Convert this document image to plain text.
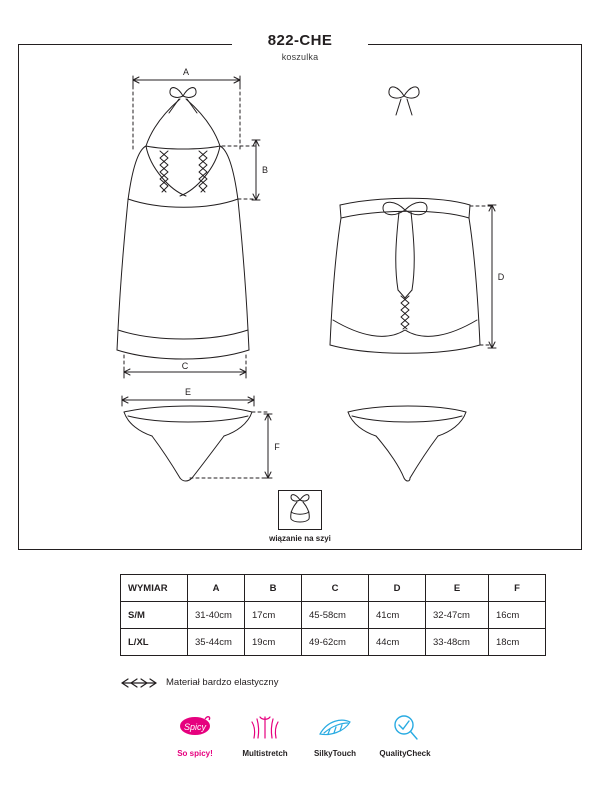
822-CHE
koszulka
A
B
C
D
E
F
wiązanie na szyi
WYMIAR	A	B	C	D	E	F
S/M	31-40cm	17cm	45-58cm	41cm	32-47cm	16cm
L/XL	35-44cm	19cm	49-62cm	44cm	33-48cm	18cm
Materiał bardzo elastyczny
Spicy
So spicy!	Multistretch	SilkyTouch	QualityCheck
